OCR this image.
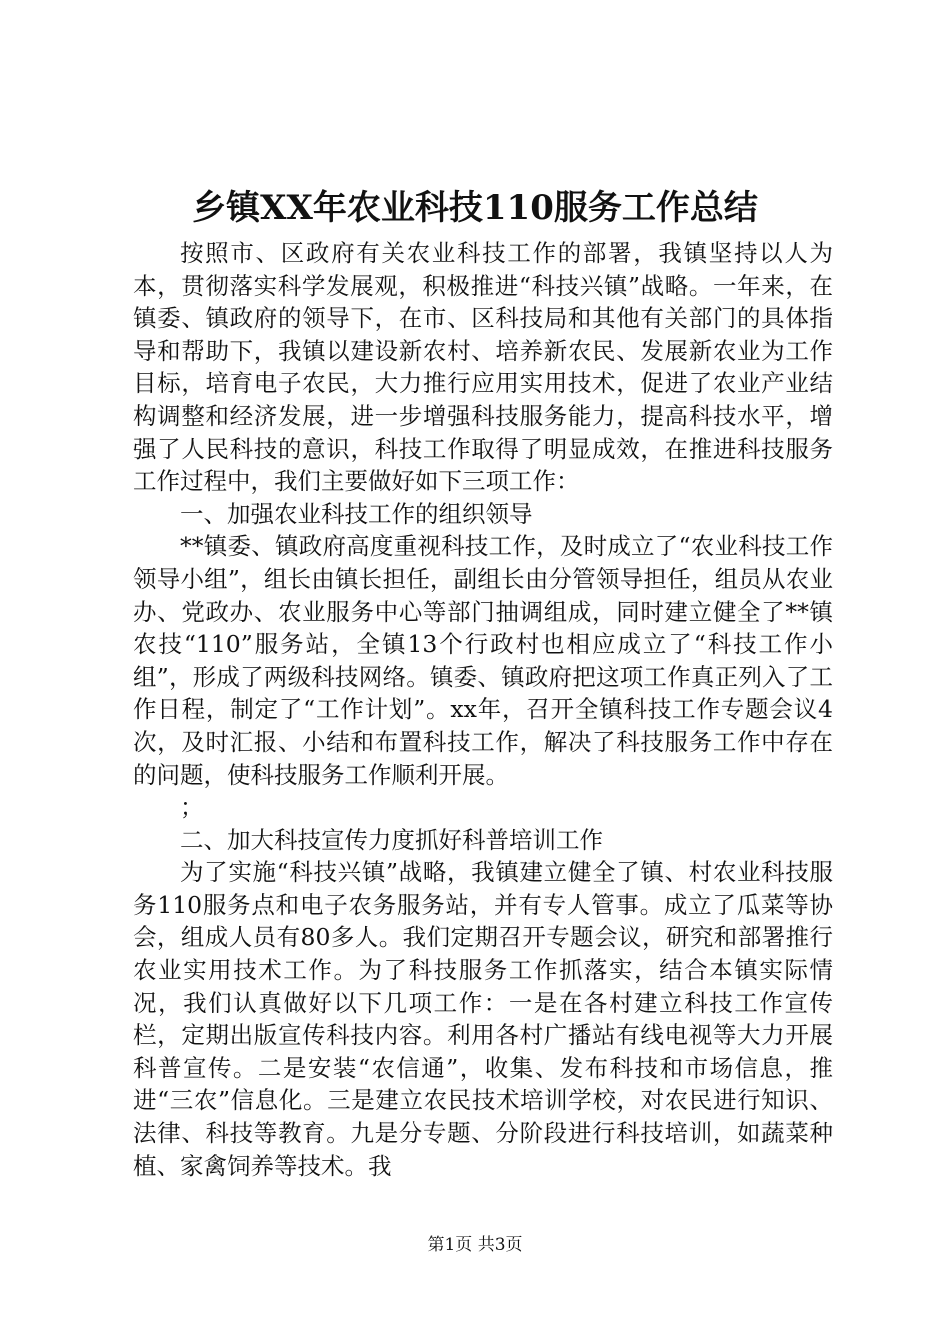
乡镇XX年农业科技110服务工作总结

按照市、区政府有关农业科技工作的部署，我镇坚持以人为本，贯彻落实科学发展观，积极推进“科技兴镇”战略。一年来，在镇委、镇政府的领导下，在市、区科技局和其他有关部门的具体指导和帮助下，我镇以建设新农村、培养新农民、发展新农业为工作目标，培育电子农民，大力推行应用实用技术，促进了农业产业结构调整和经济发展，进一步增强科技服务能力，提高科技水平，增强了人民科技的意识，科技工作取得了明显成效，在推进科技服务工作过程中，我们主要做好如下三项工作：

一、加强农业科技工作的组织领导

**镇委、镇政府高度重视科技工作，及时成立了“农业科技工作领导小组”，组长由镇长担任，副组长由分管领导担任，组员从农业办、党政办、农业服务中心等部门抽调组成，同时建立健全了**镇农技“110”服务站，全镇13个行政村也相应成立了“科技工作小组”，形成了两级科技网络。镇委、镇政府把这项工作真正列入了工作日程，制定了“工作计划”。xx年，召开全镇科技工作专题会议4次，及时汇报、小结和布置科技工作，解决了科技服务工作中存在的问题，使科技服务工作顺利开展。

；

二、加大科技宣传力度抓好科普培训工作

为了实施“科技兴镇”战略，我镇建立健全了镇、村农业科技服务110服务点和电子农务服务站，并有专人管事。成立了瓜菜等协会，组成人员有80多人。我们定期召开专题会议，研究和部署推行农业实用技术工作。为了科技服务工作抓落实，结合本镇实际情况，我们认真做好以下几项工作：一是在各村建立科技工作宣传栏，定期出版宣传科技内容。利用各村广播站有线电视等大力开展科普宣传。二是安装“农信通”，收集、发布科技和市场信息，推进“三农”信息化。三是建立农民技术培训学校，对农民进行知识、法律、科技等教育。九是分专题、分阶段进行科技培训，如蔬菜种植、家禽饲养等技术。我

第1页 共3页
